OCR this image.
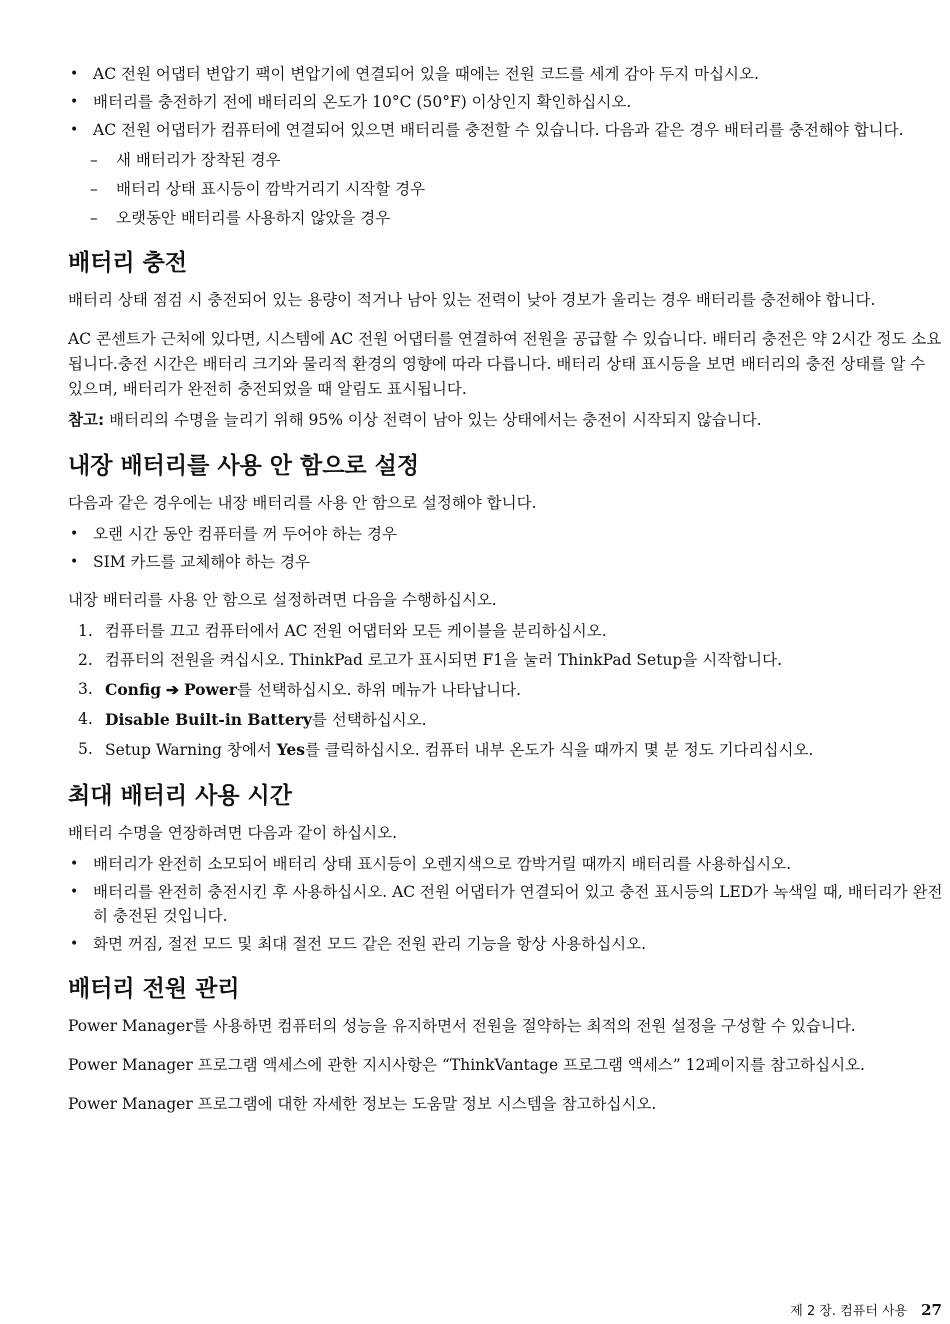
• AC 전원 어댑터 변압기 팩이 변압기에 연결되어 있을 때에는 전원 코드를 세게 감아 두지 마십시오.
• 배터리를 충전하기 전에 배터리의 온도가 10°C (50°F) 이상인지 확인하십시오.
• AC 전원 어댑터가 컴퓨터에 연결되어 있으면 배터리를 충전할 수 있습니다. 다음과 같은 경우 배터리를 충전해야 합니다.
– 새 배터리가 장착된 경우
– 배터리 상태 표시등이 깜박거리기 시작할 경우
– 오랫동안 배터리를 사용하지 않았을 경우
배터리 충전

배터리 상태 점검 시 충전되어 있는 용량이 적거나 남아 있는 전력이 낮아 경보가 울리는 경우 배터리를 충전해야 합니다.

AC 콘센트가 근처에 있다면, 시스템에 AC 전원 어댑터를 연결하여 전원을 공급할 수 있습니다. 배터리 충전은 약 2시간 정도 소요됩니다.충전 시간은 배터리 크기와 물리적 환경의 영향에 따라 다릅니다. 배터리 상태 표시등을 보면 배터리의 충전 상태를 알 수 있으며, 배터리가 완전히 충전되었을 때 알림도 표시됩니다.

참고: 배터리의 수명을 늘리기 위해 95% 이상 전력이 남아 있는 상태에서는 충전이 시작되지 않습니다.

내장 배터리를 사용 안 함으로 설정

다음과 같은 경우에는 내장 배터리를 사용 안 함으로 설정해야 합니다.

• 오랜 시간 동안 컴퓨터를 꺼 두어야 하는 경우
• SIM 카드를 교체해야 하는 경우

내장 배터리를 사용 안 함으로 설정하려면 다음을 수행하십시오.

1. 컴퓨터를 끄고 컴퓨터에서 AC 전원 어댑터와 모든 케이블을 분리하십시오.
2. 컴퓨터의 전원을 켜십시오. ThinkPad 로고가 표시되면 F1을 눌러 ThinkPad Setup을 시작합니다.
3. Config ➔ Power를 선택하십시오. 하위 메뉴가 나타납니다.
4. Disable Built-in Battery를 선택하십시오.
5. Setup Warning 창에서 Yes를 클릭하십시오. 컴퓨터 내부 온도가 식을 때까지 몇 분 정도 기다리십시오.
최대 배터리 사용 시간

배터리 수명을 연장하려면 다음과 같이 하십시오.

• 배터리가 완전히 소모되어 배터리 상태 표시등이 오렌지색으로 깜박거릴 때까지 배터리를 사용하십시오.
• 배터리를 완전히 충전시킨 후 사용하십시오. AC 전원 어댑터가 연결되어 있고 충전 표시등의 LED가 녹색일 때, 배터리가 완전히 충전된 것입니다.
• 화면 꺼짐, 절전 모드 및 최대 절전 모드 같은 전원 관리 기능을 항상 사용하십시오.
배터리 전원 관리

Power Manager를 사용하면 컴퓨터의 성능을 유지하면서 전원을 절약하는 최적의 전원 설정을 구성할 수 있습니다.

Power Manager 프로그램 액세스에 관한 지시사항은 “ThinkVantage 프로그램 액세스” 12페이지를 참고하십시오.

Power Manager 프로그램에 대한 자세한 정보는 도움말 정보 시스템을 참고하십시오.

제 2 장. 컴퓨터 사용 27
